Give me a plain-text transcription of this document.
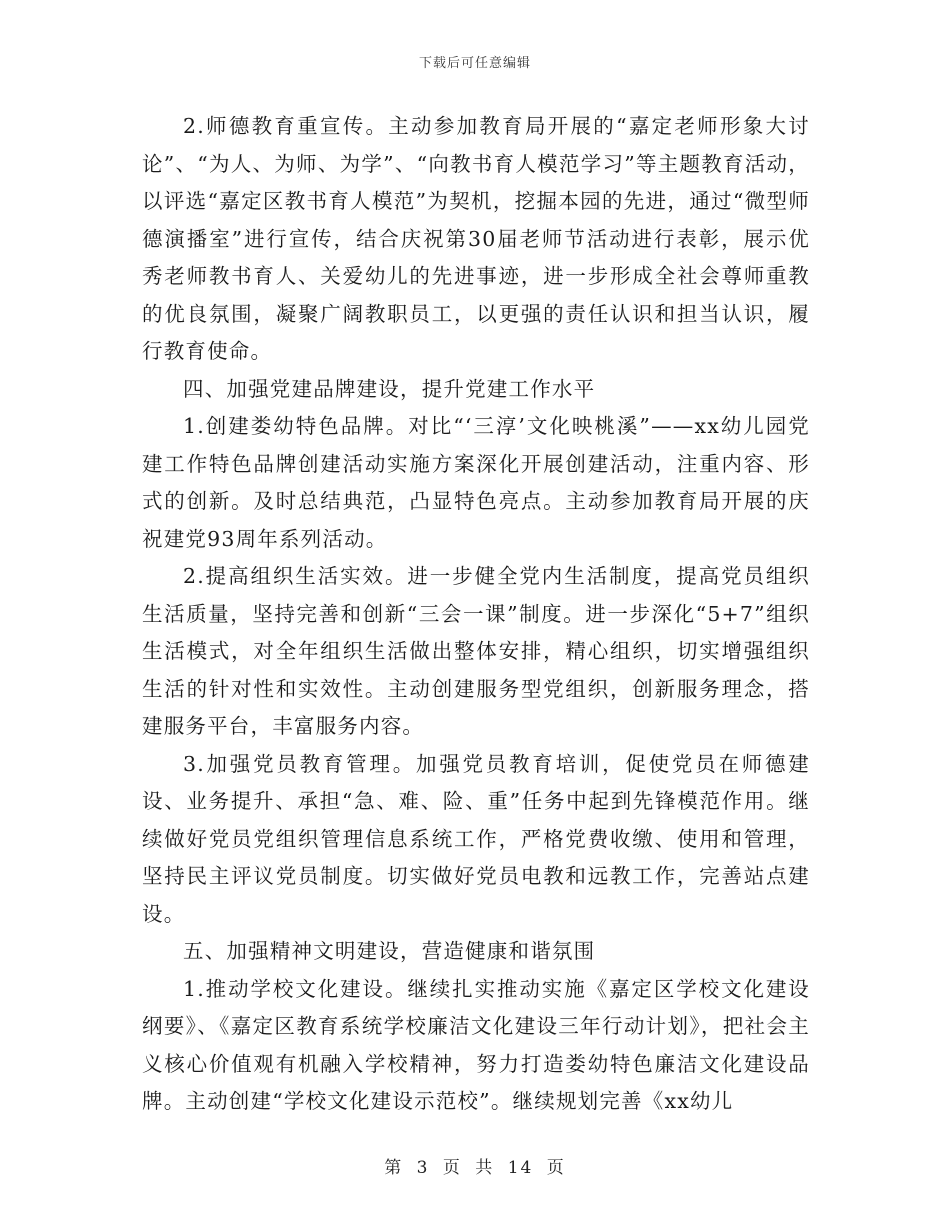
下载后可任意编辑

2.师德教育重宣传。主动参加教育局开展的“嘉定老师形象大讨论”、“为人、为师、为学”、“向教书育人模范学习”等主题教育活动，以评选“嘉定区教书育人模范”为契机，挖掘本园的先进，通过“微型师德演播室”进行宣传，结合庆祝第30届老师节活动进行表彰，展示优秀老师教书育人、关爱幼儿的先进事迹，进一步形成全社会尊师重教的优良氛围，凝聚广阔教职员工，以更强的责任认识和担当认识，履行教育使命。

四、加强党建品牌建设，提升党建工作水平

1.创建娄幼特色品牌。对比“‘三淳’文化映桃溪”——xx幼儿园党建工作特色品牌创建活动实施方案深化开展创建活动，注重内容、形式的创新。及时总结典范，凸显特色亮点。主动参加教育局开展的庆祝建党93周年系列活动。

2.提高组织生活实效。进一步健全党内生活制度，提高党员组织生活质量，坚持完善和创新“三会一课”制度。进一步深化“5+7”组织生活模式，对全年组织生活做出整体安排，精心组织，切实增强组织生活的针对性和实效性。主动创建服务型党组织，创新服务理念，搭建服务平台，丰富服务内容。

3.加强党员教育管理。加强党员教育培训，促使党员在师德建设、业务提升、承担“急、难、险、重”任务中起到先锋模范作用。继续做好党员党组织管理信息系统工作，严格党费收缴、使用和管理，坚持民主评议党员制度。切实做好党员电教和远教工作，完善站点建设。

五、加强精神文明建设，营造健康和谐氛围

1.推动学校文化建设。继续扎实推动实施《嘉定区学校文化建设纲要》、《嘉定区教育系统学校廉洁文化建设三年行动计划》，把社会主义核心价值观有机融入学校精神，努力打造娄幼特色廉洁文化建设品牌。主动创建“学校文化建设示范校”。继续规划完善《xx幼儿

第 3 页 共 14 页
